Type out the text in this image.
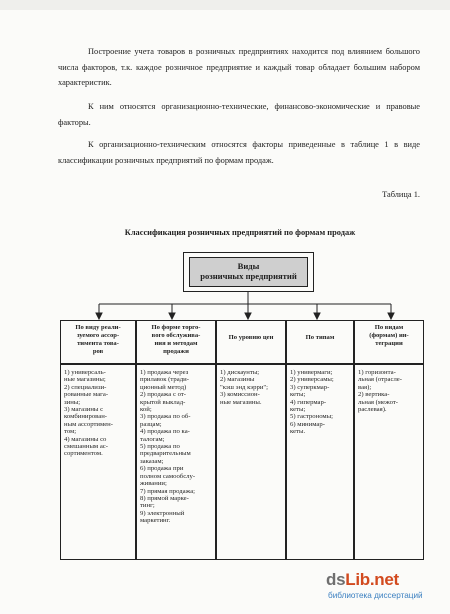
Построение учета товаров в розничных предприятиях находится под влиянием большого числа факторов, т.к. каждое розничное предприятие и каждый товар обладает большим набором характеристик.

К ним относятся организационно-технические, финансово-экономические и правовые факторы.

К организационно-техническим относятся факторы приведенные в таблице 1 в виде классификации розничных предприятий по формам продаж.

Таблица 1.
Классификация розничных предприятий по формам продаж
Виды
розничных предприятий
По виду реали-
зуемого ассор-
тимента това-
ров
1) универсаль-
ные магазины;
2) специализи-
рованные мага-
зины;
3) магазины с
комбинирован-
ным ассортимен-
том;
4) магазины со
смешанным ас-
сортиментом.
По форме торго-
вого обслужива-
ния и методам
продажи
1) продажа через
прилавок (тради-
ционный метод)
2) продажа с от-
крытой выклад-
кой;
3) продажа по об-
разцам;
4) продажа по ка-
талогам;
5) продажа по
предварительным
заказам;
6) продажа при
полном самообслу-
живании;
7) прямая продажа;
8) прямой марке-
тинг;
9) электронный
маркетинг.
По уровню цен
1) дискаунты;
2) магазины
"кэш энд кэрри";
3) комиссион-
ные магазины.
По типам
1) универмаги;
2) универсамы;
3) суперкмар-
кеты;
4) гипермар-
кеты;
5) гастрономы;
6) минимар-
кеты.
По видам
(формам) ин-
теграции
1) горизонта-
льная (отрасле-
вая);
2) вертика-
льная (межот-
раслевая).
dsLib.net
библиотека диссертаций
